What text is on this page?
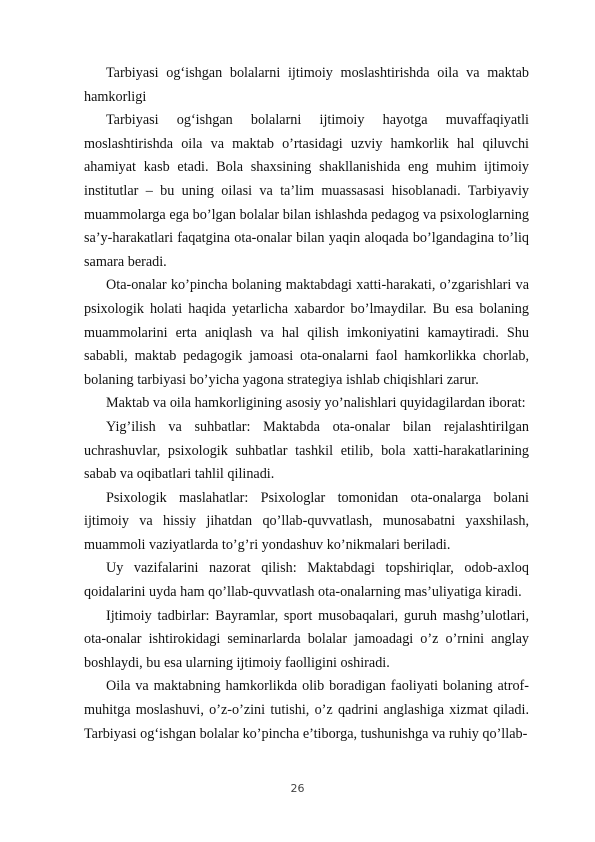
Tarbiyasi og‘ishgan bolalarni ijtimoiy moslashtirishda oila va maktab hamkorligi

Tarbiyasi og‘ishgan bolalarni ijtimoiy hayotga muvaffaqiyatli moslashtirishda oila va maktab o’rtasidagi uzviy hamkorlik hal qiluvchi ahamiyat kasb etadi. Bola shaxsining shakllanishida eng muhim ijtimoiy institutlar – bu uning oilasi va ta’lim muassasasi hisoblanadi. Tarbiyaviy muammolarga ega bo’lgan bolalar bilan ishlashda pedagog va psixologlarning sa’y-harakatlari faqatgina ota-onalar bilan yaqin aloqada bo’lgandagina to’liq samara beradi.

Ota-onalar ko’pincha bolaning maktabdagi xatti-harakati, o’zgarishlari va psixologik holati haqida yetarlicha xabardor bo’lmaydilar. Bu esa bolaning muammolarini erta aniqlash va hal qilish imkoniyatini kamaytiradi. Shu sababli, maktab pedagogik jamoasi ota-onalarni faol hamkorlikka chorlab, bolaning tarbiyasi bo’yicha yagona strategiya ishlab chiqishlari zarur.

Maktab va oila hamkorligining asosiy yo’nalishlari quyidagilardan iborat:

Yig’ilish va suhbatlar: Maktabda ota-onalar bilan rejalashtirilgan uchrashuvlar, psixologik suhbatlar tashkil etilib, bola xatti-harakatlarining sabab va oqibatlari tahlil qilinadi.

Psixologik maslahatlar: Psixologlar tomonidan ota-onalarga bolani ijtimoiy va hissiy jihatdan qo’llab-quvvatlash, munosabatni yaxshilash, muammoli vaziyatlarda to’g’ri yondashuv ko’nikmalari beriladi.

Uy vazifalarini nazorat qilish: Maktabdagi topshiriqlar, odob-axloq qoidalarini uyda ham qo’llab-quvvatlash ota-onalarning mas’uliyatiga kiradi.

Ijtimoiy tadbirlar: Bayramlar, sport musobaqalari, guruh mashg’ulotlari, ota-onalar ishtirokidagi seminarlarda bolalar jamoadagi o’z o’rnini anglay boshlaydi, bu esa ularning ijtimoiy faolligini oshiradi.

Oila va maktabning hamkorlikda olib boradigan faoliyati bolaning atrof-muhitga moslashuvi, o’z-o’zini tutishi, o’z qadrini anglashiga xizmat qiladi. Tarbiyasi og‘ishgan bolalar ko’pincha e’tiborga, tushunishga va ruhiy qo’llab-

26
